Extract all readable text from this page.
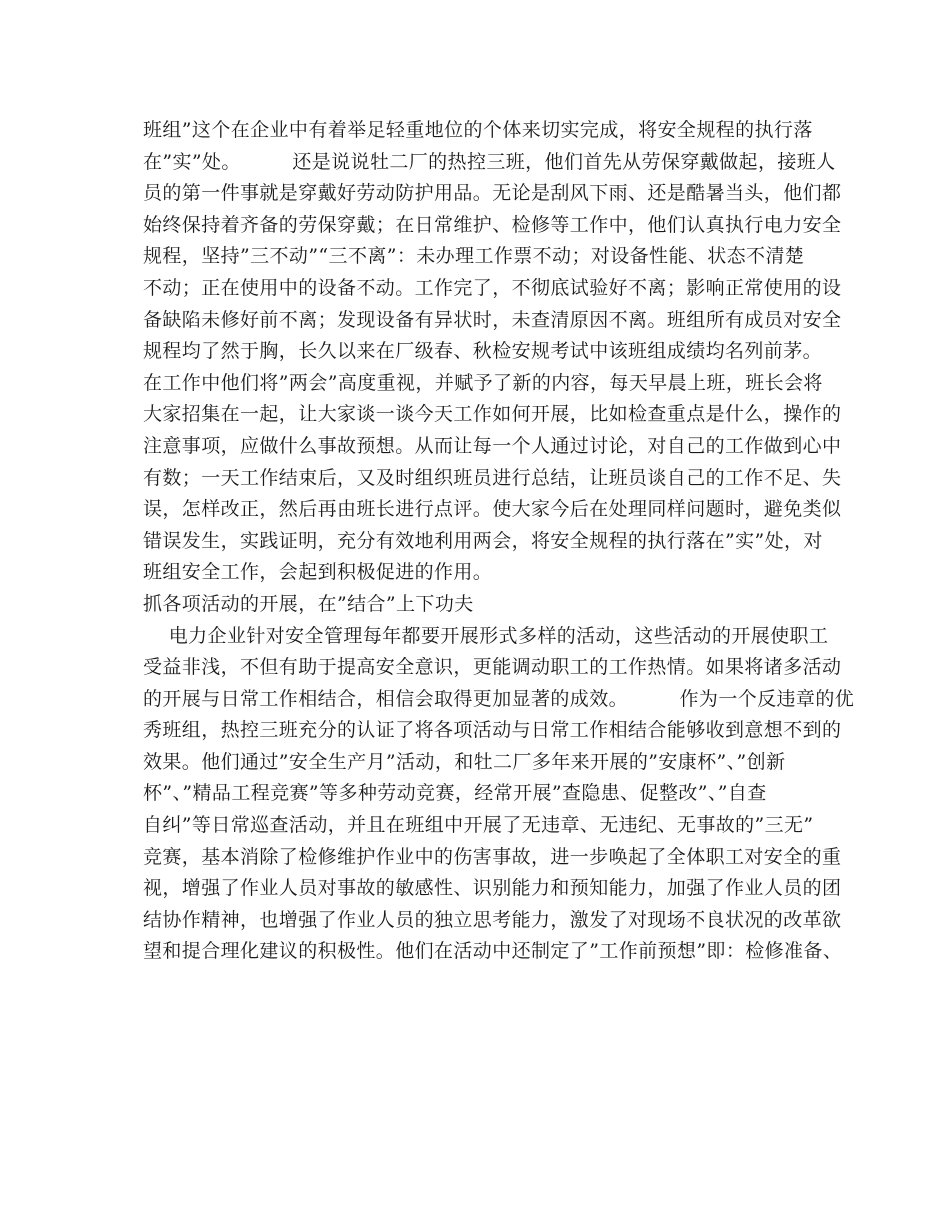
班组”这个在企业中有着举足轻重地位的个体来切实完成，将安全规程的执行落
在”实”处。        还是说说牡二厂的热控三班，他们首先从劳保穿戴做起，接班人
员的第一件事就是穿戴好劳动防护用品。无论是刮风下雨、还是酷暑当头，他们都
始终保持着齐备的劳保穿戴；在日常维护、检修等工作中，他们认真执行电力安全
规程，坚持”三不动”“三不离”：未办理工作票不动；对设备性能、状态不清楚
不动；正在使用中的设备不动。工作完了，不彻底试验好不离；影响正常使用的设
备缺陷未修好前不离；发现设备有异状时，未查清原因不离。班组所有成员对安全
规程均了然于胸，长久以来在厂级春、秋检安规考试中该班组成绩均名列前茅。
在工作中他们将”两会”高度重视，并赋予了新的内容，每天早晨上班，班长会将
大家招集在一起，让大家谈一谈今天工作如何开展，比如检查重点是什么，操作的
注意事项，应做什么事故预想。从而让每一个人通过讨论，对自己的工作做到心中
有数；一天工作结束后，又及时组织班员进行总结，让班员谈自己的工作不足、失
误，怎样改正，然后再由班长进行点评。使大家今后在处理同样问题时，避免类似
错误发生，实践证明，充分有效地利用两会，将安全规程的执行落在”实”处，对
班组安全工作，会起到积极促进的作用。
抓各项活动的开展，在”结合”上下功夫
电力企业针对安全管理每年都要开展形式多样的活动，这些活动的开展使职工
受益非浅，不但有助于提高安全意识，更能调动职工的工作热情。如果将诸多活动
的开展与日常工作相结合，相信会取得更加显著的成效。        作为一个反违章的优
秀班组，热控三班充分的认证了将各项活动与日常工作相结合能够收到意想不到的
效果。他们通过”安全生产月”活动，和牡二厂多年来开展的”安康杯”、”创新
杯”、”精品工程竞赛”等多种劳动竞赛，经常开展”查隐患、促整改”、”自查
自纠”等日常巡查活动，并且在班组中开展了无违章、无违纪、无事故的”三无”
竞赛，基本消除了检修维护作业中的伤害事故，进一步唤起了全体职工对安全的重
视，增强了作业人员对事故的敏感性、识别能力和预知能力，加强了作业人员的团
结协作精神，也增强了作业人员的独立思考能力，激发了对现场不良状况的改革欲
望和提合理化建议的积极性。他们在活动中还制定了”工作前预想”即：检修准备、
